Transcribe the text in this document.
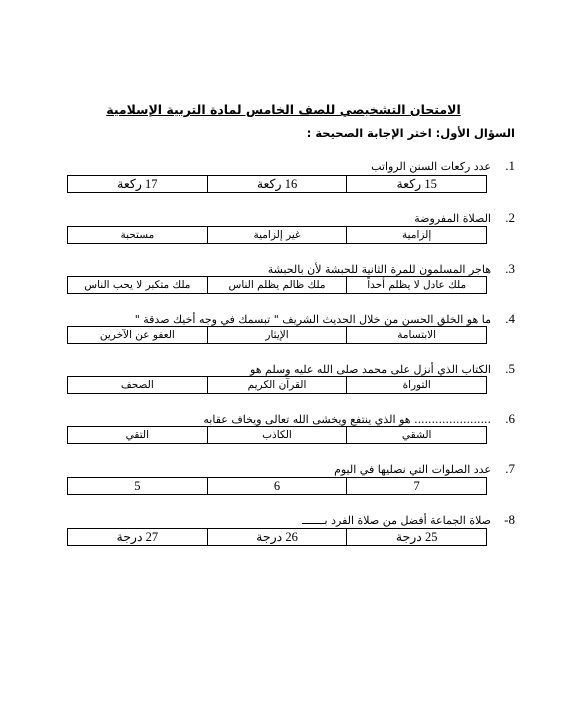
الامتحان التشخيصي للصف الخامس لمادة التربية الإسلامية
السؤال الأول: اختر الإجابة الصحيحة :
1.عدد ركعات السنن الرواتب
15 ركعة	16 ركعة	17 ركعة
2.الصلاة المفروضة
إلزامية	غير إلزامية	مستحبة
3.هاجر المسلمون للمرة الثانية للحبشة لأن بالحبشة
ملك عادل لا يظلم أحداً	ملك ظالم يظلم الناس	ملك متكبر لا يحب الناس
4.ما هو الخلق الحسن من خلال الحديث الشريف " تبسمك في وجه أخيك صدقة "
الابتسامة	الإيثار	العفو عن الآخرين
5.الكتاب الذي أنزل على محمد صلى الله عليه وسلم هو
التوراة	القرآن الكريم	الصحف
6....................... هو الذي ينتفع ويخشى الله تعالى ويخاف عقابه
الشقي	الكاذب	التقي
7.عدد الصلوات التي نصليها في اليوم
7	6	5
8-صلاة الجماعة أفضل من صلاة الفرد بـــــــ
25 درجة	26 درجة	27 درجة
